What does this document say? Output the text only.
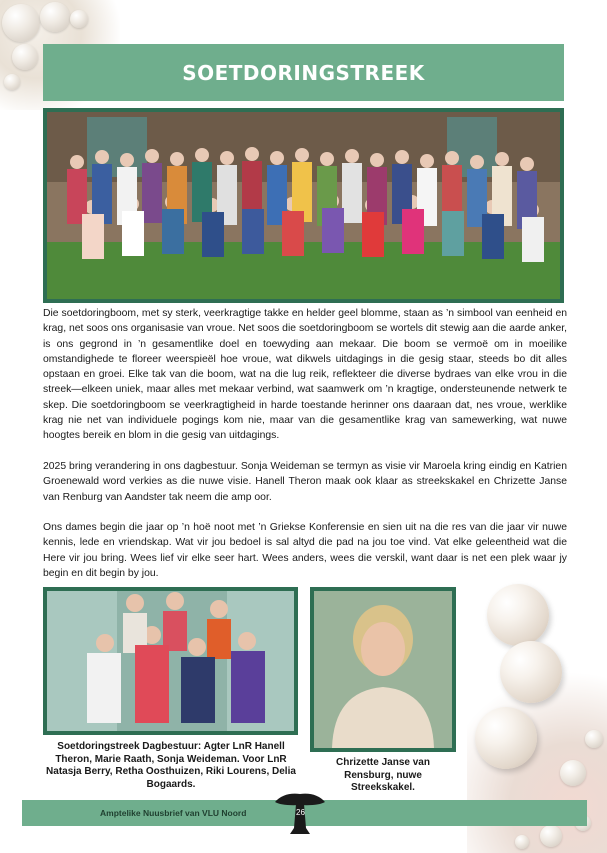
SOETDORINGSTREEK

Die soetdoringboom, met sy sterk, veerkragtige takke en helder geel blomme, staan as ’n simbool van eenheid en krag, net soos ons organisasie van vroue. Net soos die soetdoringboom se wortels dit stewig aan die aarde anker, is ons gegrond in ’n gesamentlike doel en toewyding aan mekaar. Die boom se vermoë om in moeilike omstandighede te floreer weerspieël hoe vroue, wat dikwels uitdagings in die gesig staar, steeds bo dit alles opstaan en groei. Elke tak van die boom, wat na die lug reik, reflekteer die diverse bydraes van elke vrou in die streek—elkeen uniek, maar alles met mekaar verbind, wat saamwerk om ’n kragtige, ondersteunende netwerk te skep. Die soetdoringboom se veerkragtigheid in harde toestande herinner ons daaraan dat, nes vroue, werklike krag nie net van individuele pogings kom nie, maar van die gesamentlike krag van samewerking, wat nuwe hoogtes bereik en blom in die gesig van uitdagings.

2025 bring verandering in ons dagbestuur. Sonja Weideman se termyn as visie vir Maroela kring eindig en Katrien Groenewald word verkies as die nuwe visie. Hanell Theron maak ook klaar as streekskakel en Chrizette Janse van Renburg van Aandster tak neem die amp oor.

Ons dames begin die jaar op ’n hoë noot met ’n Griekse Konferensie en sien uit na die res van die jaar vir nuwe kennis, lede en vriendskap. Wat vir jou bedoel is sal altyd die pad na jou toe vind. Vat elke geleentheid wat die Here vir jou bring. Wees lief vir elke seer hart. Wees anders, wees die verskil, want daar is net een plek waar jy begin en dit begin by jou.

Soetdoringstreek Dagbestuur: Agter LnR Hanell Theron, Marie Raath, Sonja Weideman. Voor LnR Natasja Berry, Retha Oosthuizen, Riki Lourens, Delia Bogaards.
Chrizette Janse van Rensburg, nuwe Streekskakel.
Amptelike Nuusbrief van VLU Noord	26
